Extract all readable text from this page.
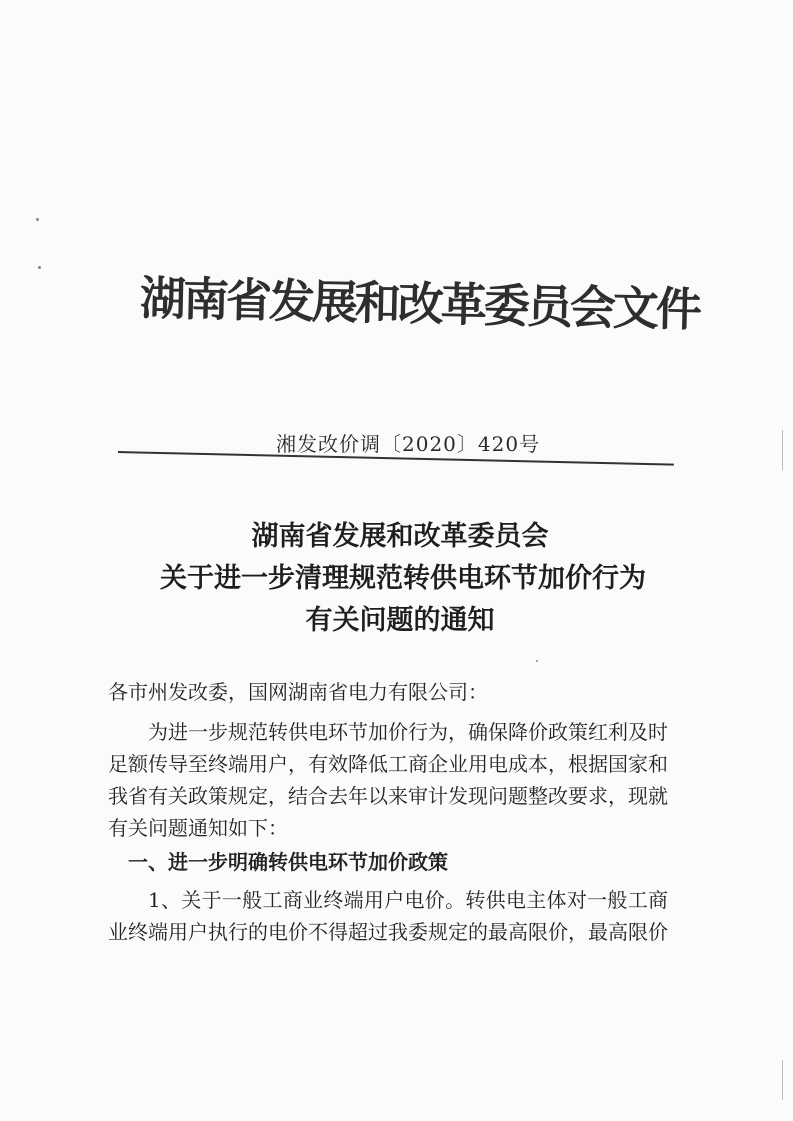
湖南省发展和改革委员会文件
湘发改价调〔2020〕420号
湖南省发展和改革委员会
关于进一步清理规范转供电环节加价行为
有关问题的通知

各市州发改委，国网湖南省电力有限公司：

为进一步规范转供电环节加价行为，确保降价政策红利及时足额传导至终端用户，有效降低工商企业用电成本，根据国家和我省有关政策规定，结合去年以来审计发现问题整改要求，现就有关问题通知如下：

一、进一步明确转供电环节加价政策

1、关于一般工商业终端用户电价。转供电主体对一般工商业终端用户执行的电价不得超过我委规定的最高限价，最高限价
